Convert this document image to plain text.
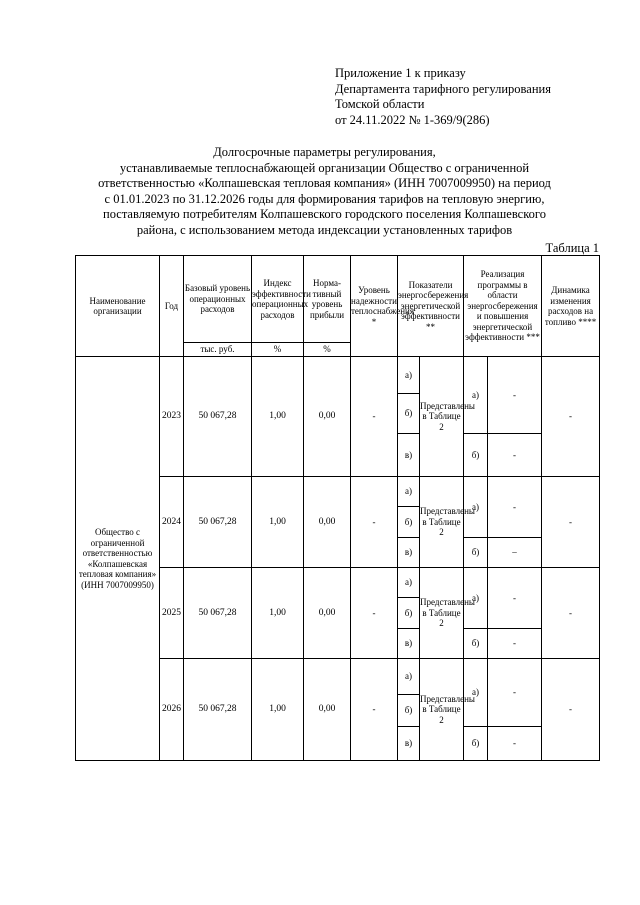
Приложение 1 к приказу
Департамента тарифного регулирования
Томской области
от 24.11.2022 № 1-369/9(286)
Долгосрочные параметры регулирования,
устанавливаемые теплоснабжающей организации Общество с ограниченной
ответственностью «Колпашевская тепловая компания» (ИНН 7007009950) на период
с 01.01.2023 по 31.12.2026 годы для формирования тарифов на тепловую энергию,
поставляемую потребителям Колпашевского городского поселения Колпашевского
района, с использованием метода индексации установленных тарифов
Таблица 1
Наименование организации	Год	Базовый уровень операционных расходов	Индекс эффективности операционных расходов	Норма-тивный уровень прибыли	Уровень надежности теплоснабжения *	Показатели энергосбережения энергетической эффективности **		Реализация программы в области энергосбережения и повышения энергетической эффективности ***		Динамика изменения расходов на топливо ****
		тыс. руб.	%	%						
Общество с ограниченной ответственностью «Колпашевская тепловая компания» (ИНН 7007009950)	2023	50 067,28	1,00	0,00	-	а)	Представлены в Таблице 2	а)	-	-
						б)				
						в)		б)	-	
	2024	50 067,28	1,00	0,00	-	а)	Представлены в Таблице 2	а)	-	-
						б)				
						в)		б)	–	
	2025	50 067,28	1,00	0,00	-	а)	Представлены в Таблице 2	а)	-	-
						б)				
						в)		б)	-	
	2026	50 067,28	1,00	0,00	-	а)	Представлены в Таблице 2	а)	-	-
						б)				
						в)		б)	-	
